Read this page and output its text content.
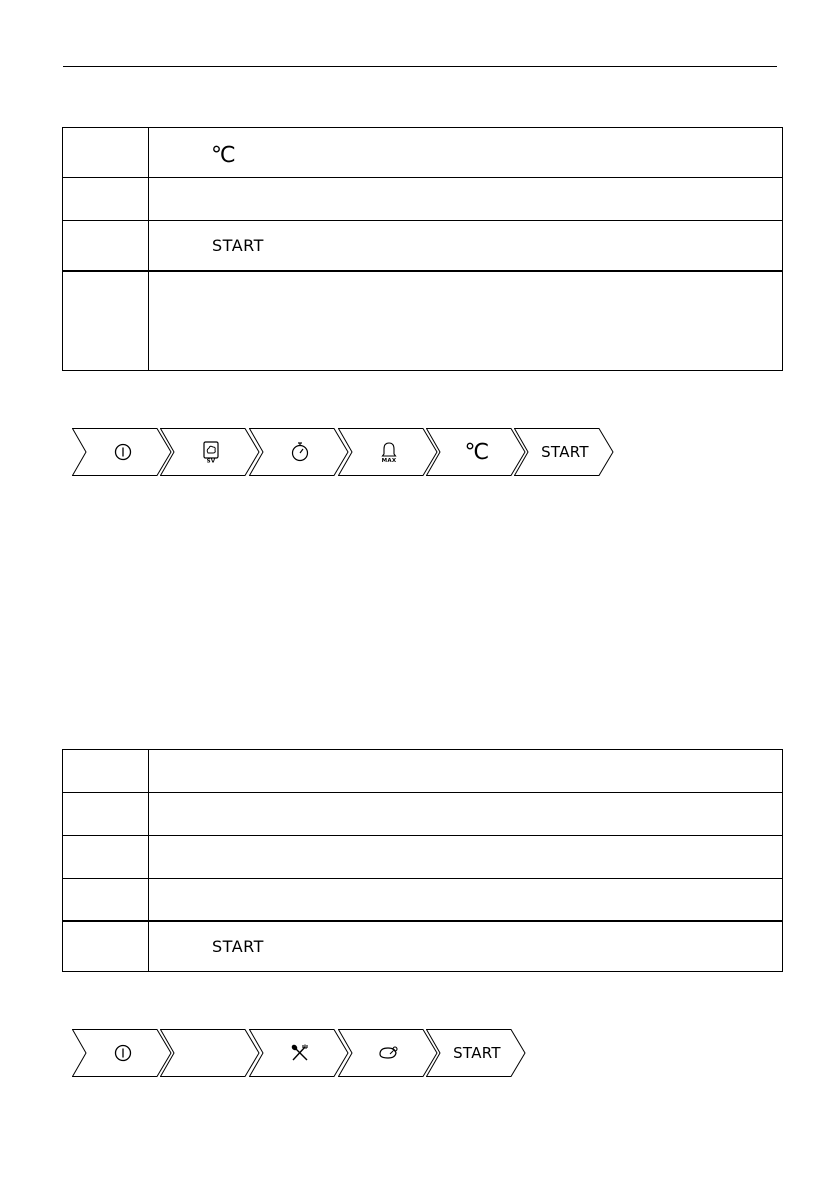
	℃

	START

SV	MAX	℃	START

	START
START
